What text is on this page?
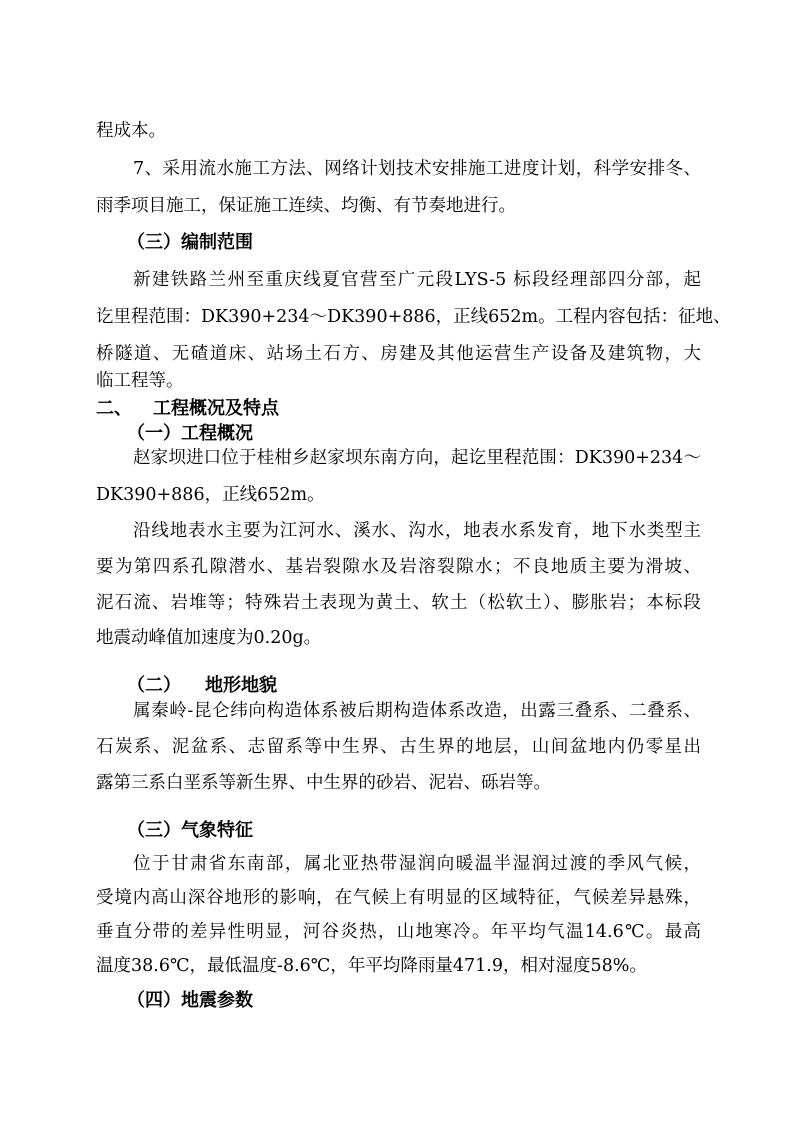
程成本。
7、采用流水施工方法、网络计划技术安排施工进度计划，科学安排冬、
雨季项目施工，保证施工连续、均衡、有节奏地进行。
（三）编制范围
新建铁路兰州至重庆线夏官营至广元段LYS-5 标段经理部四分部，起
讫里程范围：DK390+234～DK390+886，正线652m。工程内容包括：征地、
桥隧道、无碴道床、站场土石方、房建及其他运营生产设备及建筑物，大
临工程等。
二、 工程概况及特点
（一）工程概况
赵家坝进口位于桂柑乡赵家坝东南方向，起讫里程范围：DK390+234～
DK390+886，正线652m。
沿线地表水主要为江河水、溪水、沟水，地表水系发育，地下水类型主
要为第四系孔隙潜水、基岩裂隙水及岩溶裂隙水；不良地质主要为滑坡、
泥石流、岩堆等；特殊岩土表现为黄土、软土（松软土）、膨胀岩；本标段
地震动峰值加速度为0.20g。
（二） 地形地貌
属秦岭-昆仑纬向构造体系被后期构造体系改造，出露三叠系、二叠系、
石炭系、泥盆系、志留系等中生界、古生界的地层，山间盆地内仍零星出
露第三系白垩系等新生界、中生界的砂岩、泥岩、砾岩等。
（三）气象特征
位于甘肃省东南部，属北亚热带湿润向暖温半湿润过渡的季风气候，
受境内高山深谷地形的影响，在气候上有明显的区域特征，气候差异悬殊，
垂直分带的差异性明显，河谷炎热，山地寒冷。年平均气温14.6℃。最高
温度38.6℃，最低温度-8.6℃，年平均降雨量471.9，相对湿度58%。
（四）地震参数
